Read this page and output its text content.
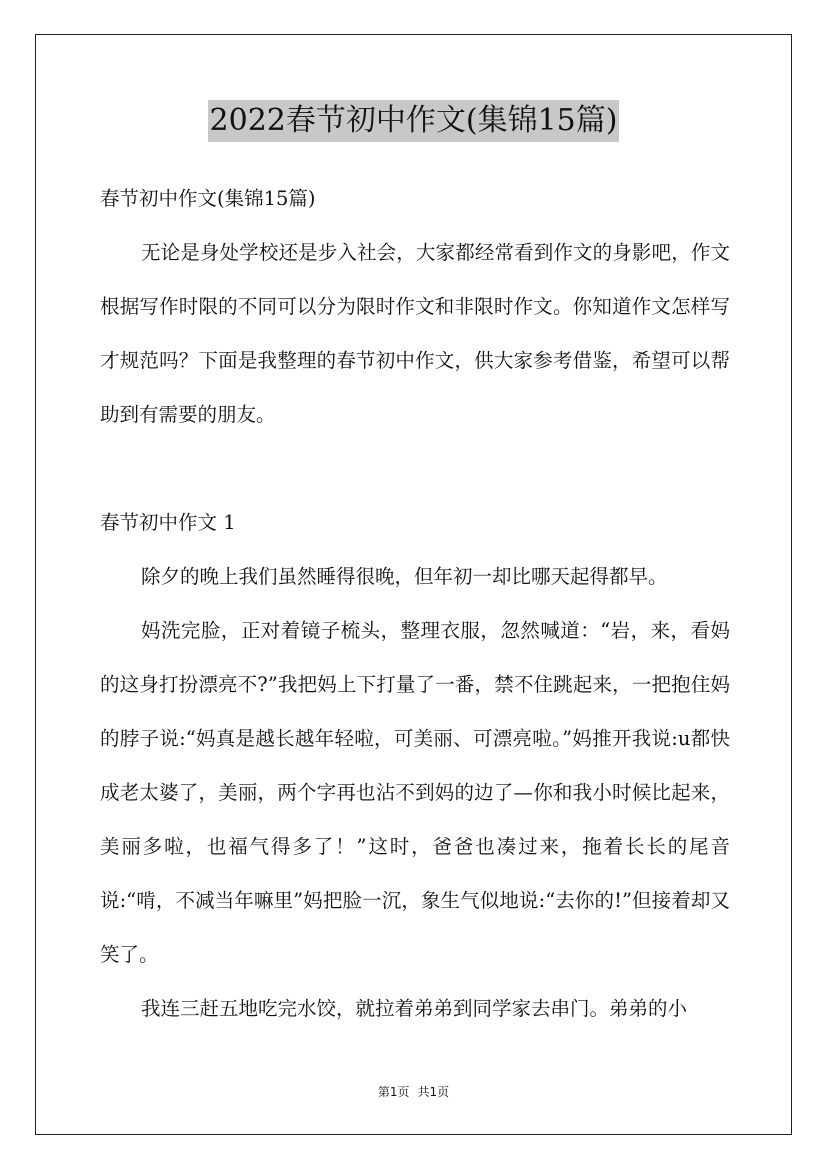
2022春节初中作文(集锦15篇)

春节初中作文(集锦15篇)

无论是身处学校还是步入社会，大家都经常看到作文的身影吧，作文根据写作时限的不同可以分为限时作文和非限时作文。你知道作文怎样写才规范吗？下面是我整理的春节初中作文，供大家参考借鉴，希望可以帮助到有需要的朋友。

春节初中作文 1

除夕的晚上我们虽然睡得很晚，但年初一却比哪天起得都早。

妈洗完脸，正对着镜子梳头，整理衣服，忽然喊道：“岩，来，看妈的这身打扮漂亮不?”我把妈上下打量了一番，禁不住跳起来，一把抱住妈的脖子说:“妈真是越长越年轻啦，可美丽、可漂亮啦。”妈推开我说:u都快成老太婆了，美丽，两个字再也沾不到妈的边了—你和我小时候比起来，美丽多啦，也福气得多了！”这时，爸爸也凑过来，拖着长长的尾音说:“啃，不减当年嘛里”妈把脸一沉，象生气似地说:“去你的!”但接着却又笑了。

我连三赶五地吃完水饺，就拉着弟弟到同学家去串门。弟弟的小

第1页 共1页
